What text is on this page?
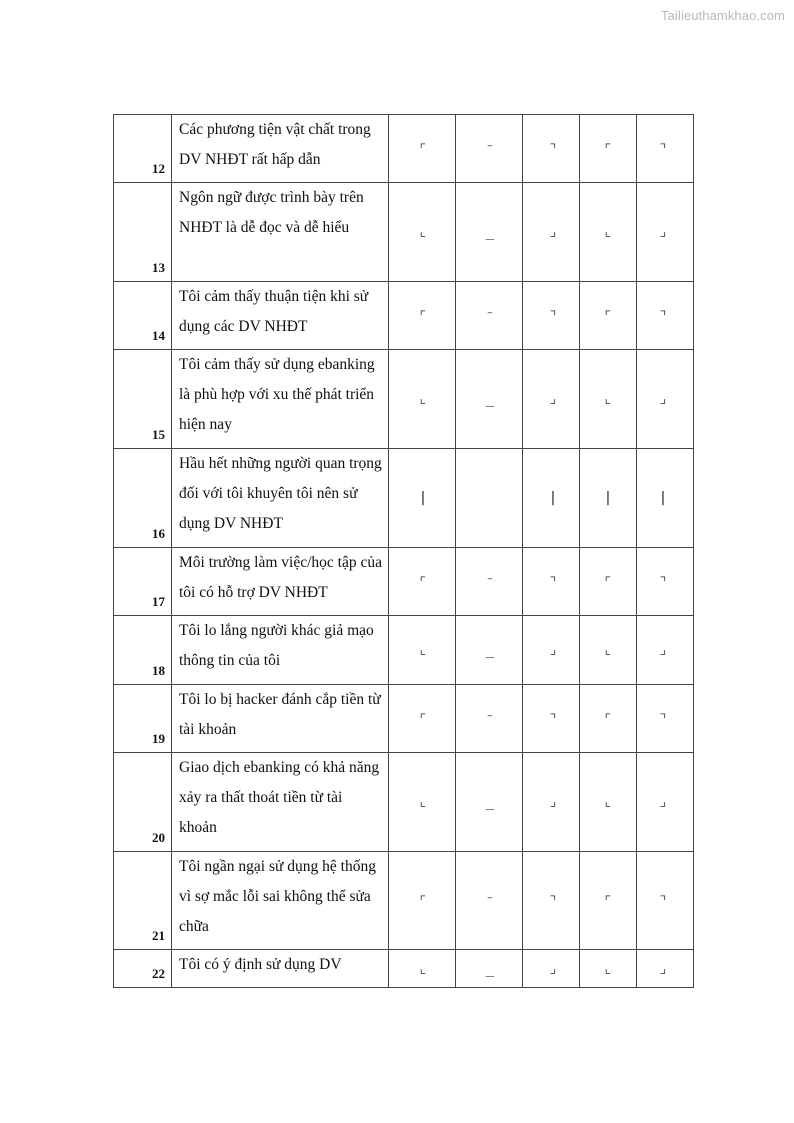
Tailieuthamkhao.com
12	Các phương tiện vật chất trong DV NHĐT rất hấp dẫn	⌜	⁻	⌝	⌜	⌝

13	Ngôn ngữ được trình bày trên NHĐT là dễ đọc và dễ hiểu	⌞	_	⌟	⌞	⌟

14	Tôi cảm thấy thuận tiện khi sử dụng các DV NHĐT	⌜	⁻	⌝	⌜	⌝

15	Tôi cảm thấy sử dụng ebanking là phù hợp với xu thế phát triển hiện nay	⌞	_	⌟	⌞	⌟

16	Hầu hết những người quan trọng đối với tôi khuyên tôi nên sử dụng DV NHĐT	|		|	|	|

17	Môi trường làm việc/học tập của tôi có hỗ trợ DV NHĐT	⌜	⁻	⌝	⌜	⌝

18	Tôi lo lắng người khác giả mạo thông tin của tôi	⌞	_	⌟	⌞	⌟

19	Tôi lo bị hacker đánh cắp tiền từ tài khoản	⌜	⁻	⌝	⌜	⌝

20	Giao dịch ebanking có khả năng xảy ra thất thoát tiền từ tài khoản	⌞	_	⌟	⌞	⌟

21	Tôi ngần ngại sử dụng hệ thống vì sợ mắc lỗi sai không thể sửa chữa	⌜	⁻	⌝	⌜	⌝

22	Tôi có ý định sử dụng DV	⌞	_	⌟	⌞	⌟
